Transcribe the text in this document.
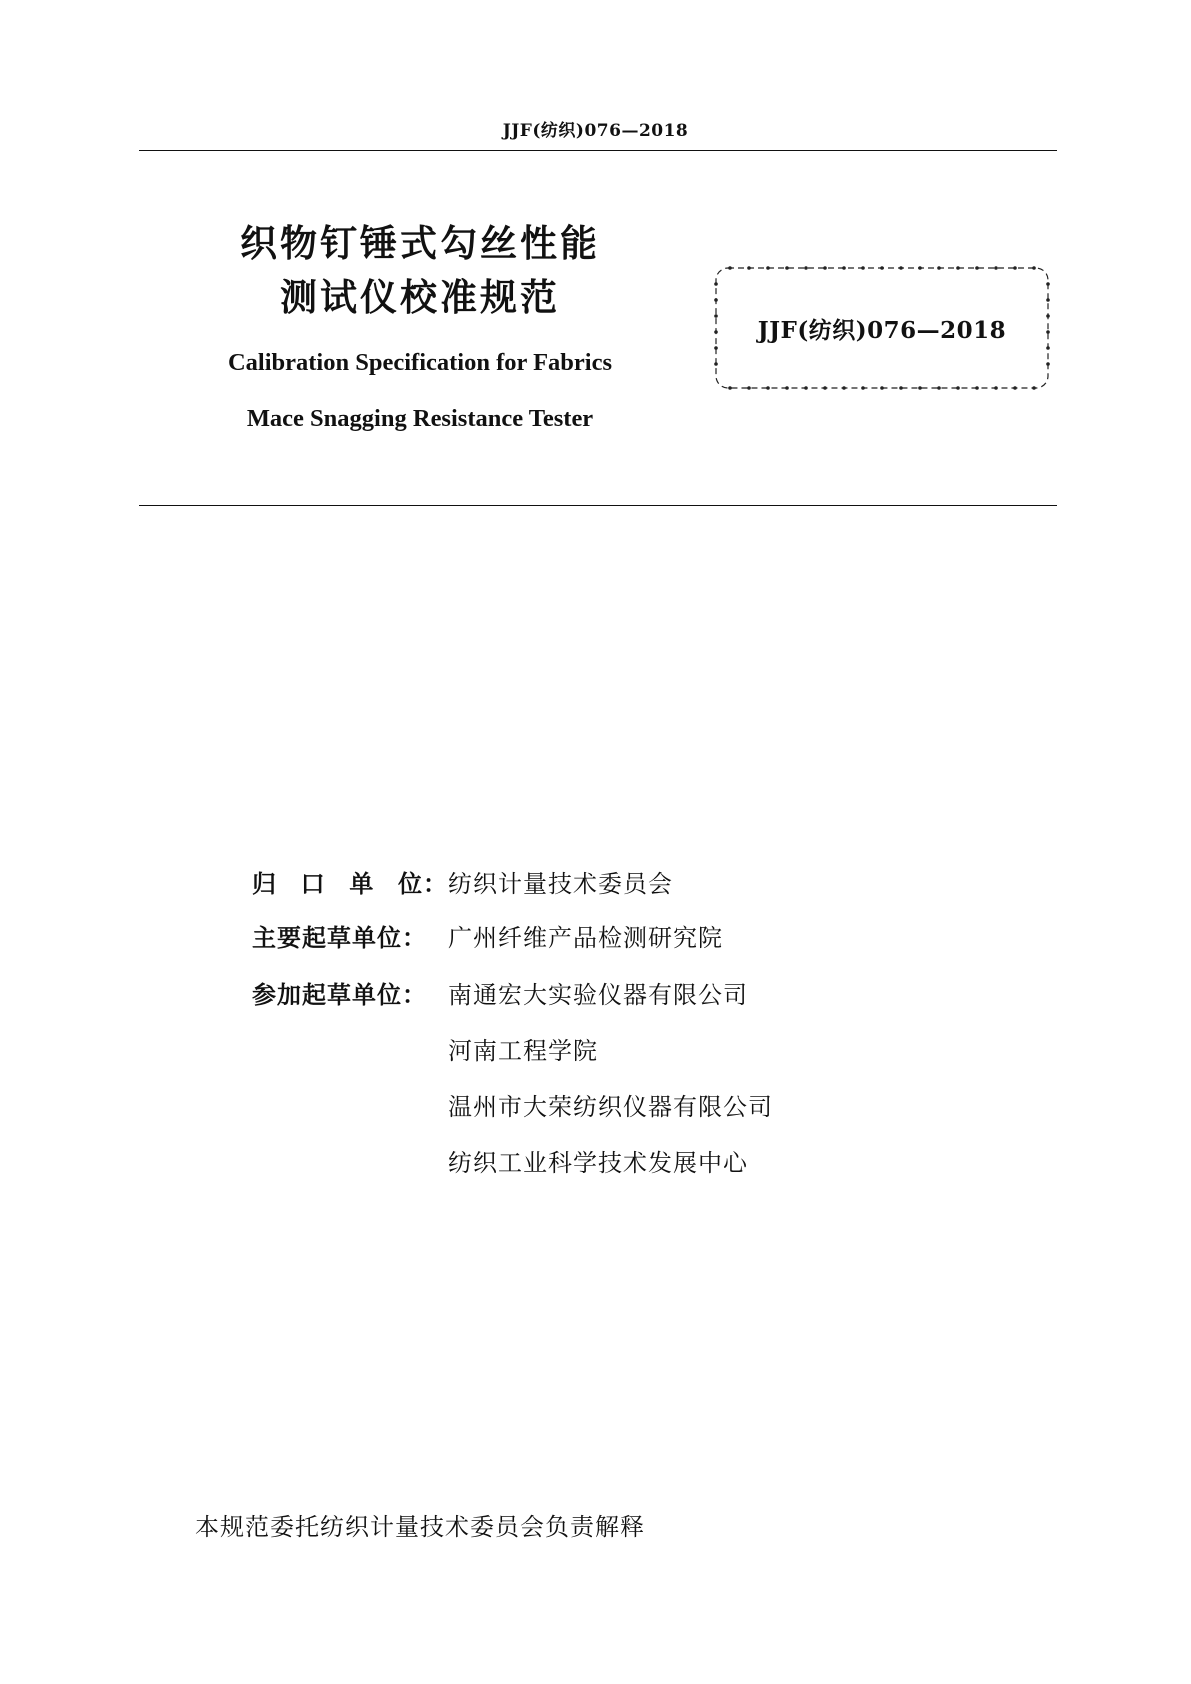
JJF(纺织)076—2018
织物钉锤式勾丝性能
测试仪校准规范
Calibration Specification for Fabrics
Mace Snagging Resistance Tester
JJF(纺织)076—2018
归 口 单 位： 纺织计量技术委员会
主要起草单位： 广州纤维产品检测研究院
参加起草单位： 南通宏大实验仪器有限公司
河南工程学院
温州市大荣纺织仪器有限公司
纺织工业科学技术发展中心
本规范委托纺织计量技术委员会负责解释
